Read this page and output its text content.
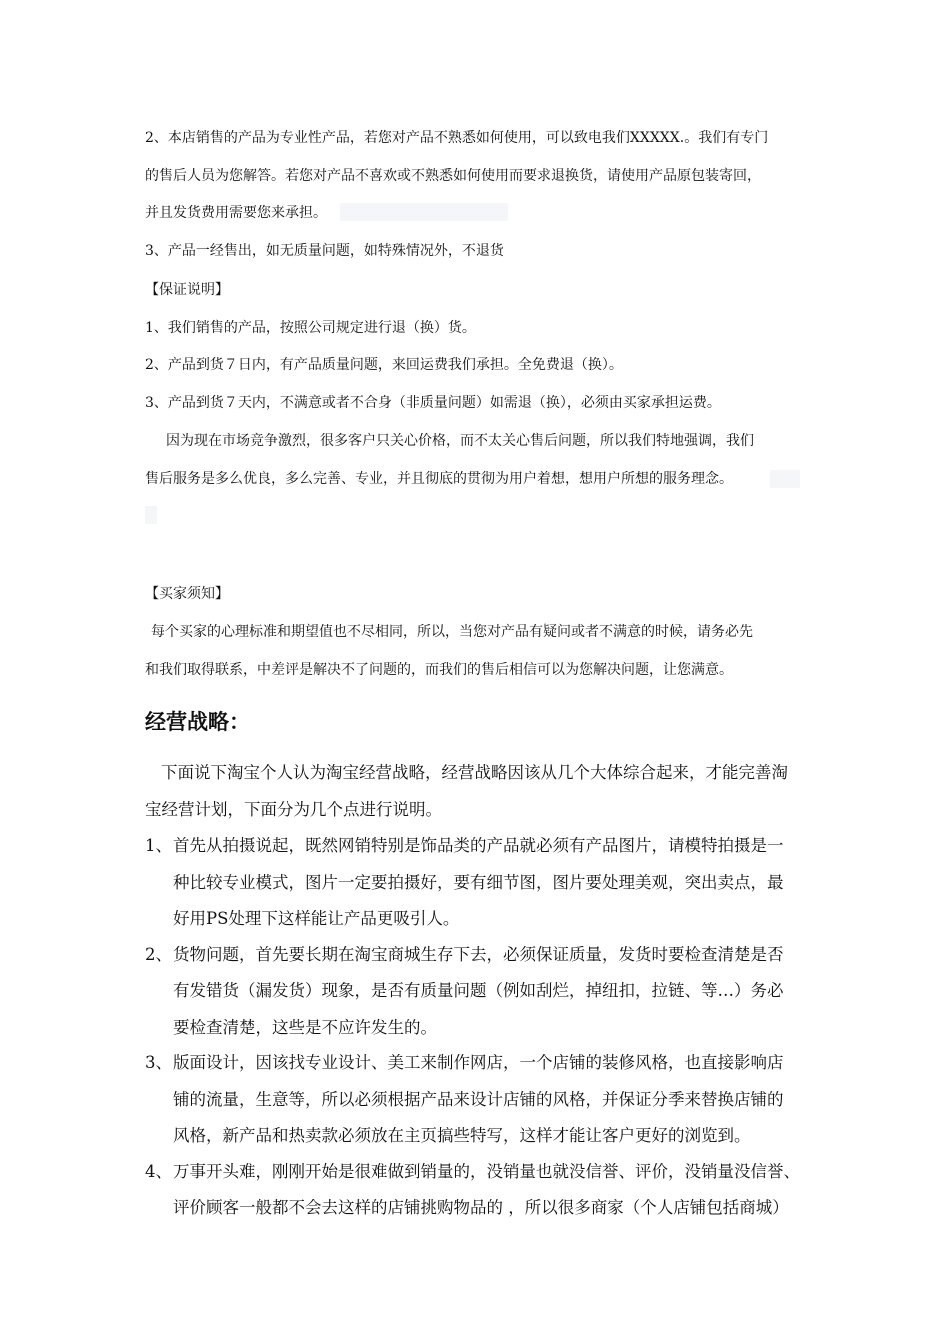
2、本店销售的产品为专业性产品，若您对产品不熟悉如何使用，可以致电我们XXXXX.。我们有专门
的售后人员为您解答。若您对产品不喜欢或不熟悉如何使用而要求退换货，请使用产品原包装寄回，
并且发货费用需要您来承担。
3、产品一经售出，如无质量问题，如特殊情况外，不退货
【保证说明】
1、我们销售的产品，按照公司规定进行退（换）货。
2、产品到货７日内，有产品质量问题，来回运费我们承担。全免费退（换）。
3、产品到货７天内，不满意或者不合身（非质量问题）如需退（换），必须由买家承担运费。
因为现在市场竞争激烈，很多客户只关心价格，而不太关心售后问题，所以我们特地强调，我们
售后服务是多么优良，多么完善、专业，并且彻底的贯彻为用户着想，想用户所想的服务理念。
【买家须知】
每个买家的心理标准和期望值也不尽相同，所以，当您对产品有疑问或者不满意的时候，请务必先
和我们取得联系，中差评是解决不了问题的，而我们的售后相信可以为您解决问题，让您满意。
经营战略：
下面说下淘宝个人认为淘宝经营战略，经营战略因该从几个大体综合起来，才能完善淘
宝经营计划，下面分为几个点进行说明。
1、 首先从拍摄说起，既然网销特别是饰品类的产品就必须有产品图片，请模特拍摄是一
种比较专业模式，图片一定要拍摄好，要有细节图，图片要处理美观，突出卖点，最
好用PS处理下这样能让产品更吸引人。
2、 货物问题，首先要长期在淘宝商城生存下去，必须保证质量，发货时要检查清楚是否
有发错货（漏发货）现象，是否有质量问题（例如刮烂，掉纽扣，拉链、等…）务必
要检查清楚，这些是不应许发生的。
3、 版面设计，因该找专业设计、美工来制作网店，一个店铺的装修风格，也直接影响店
铺的流量，生意等，所以必须根据产品来设计店铺的风格，并保证分季来替换店铺的
风格，新产品和热卖款必须放在主页搞些特写，这样才能让客户更好的浏览到。
4、 万事开头难，刚刚开始是很难做到销量的，没销量也就没信誉、评价，没销量没信誉、
评价顾客一般都不会去这样的店铺挑购物品的 ，所以很多商家（个人店铺包括商城）
